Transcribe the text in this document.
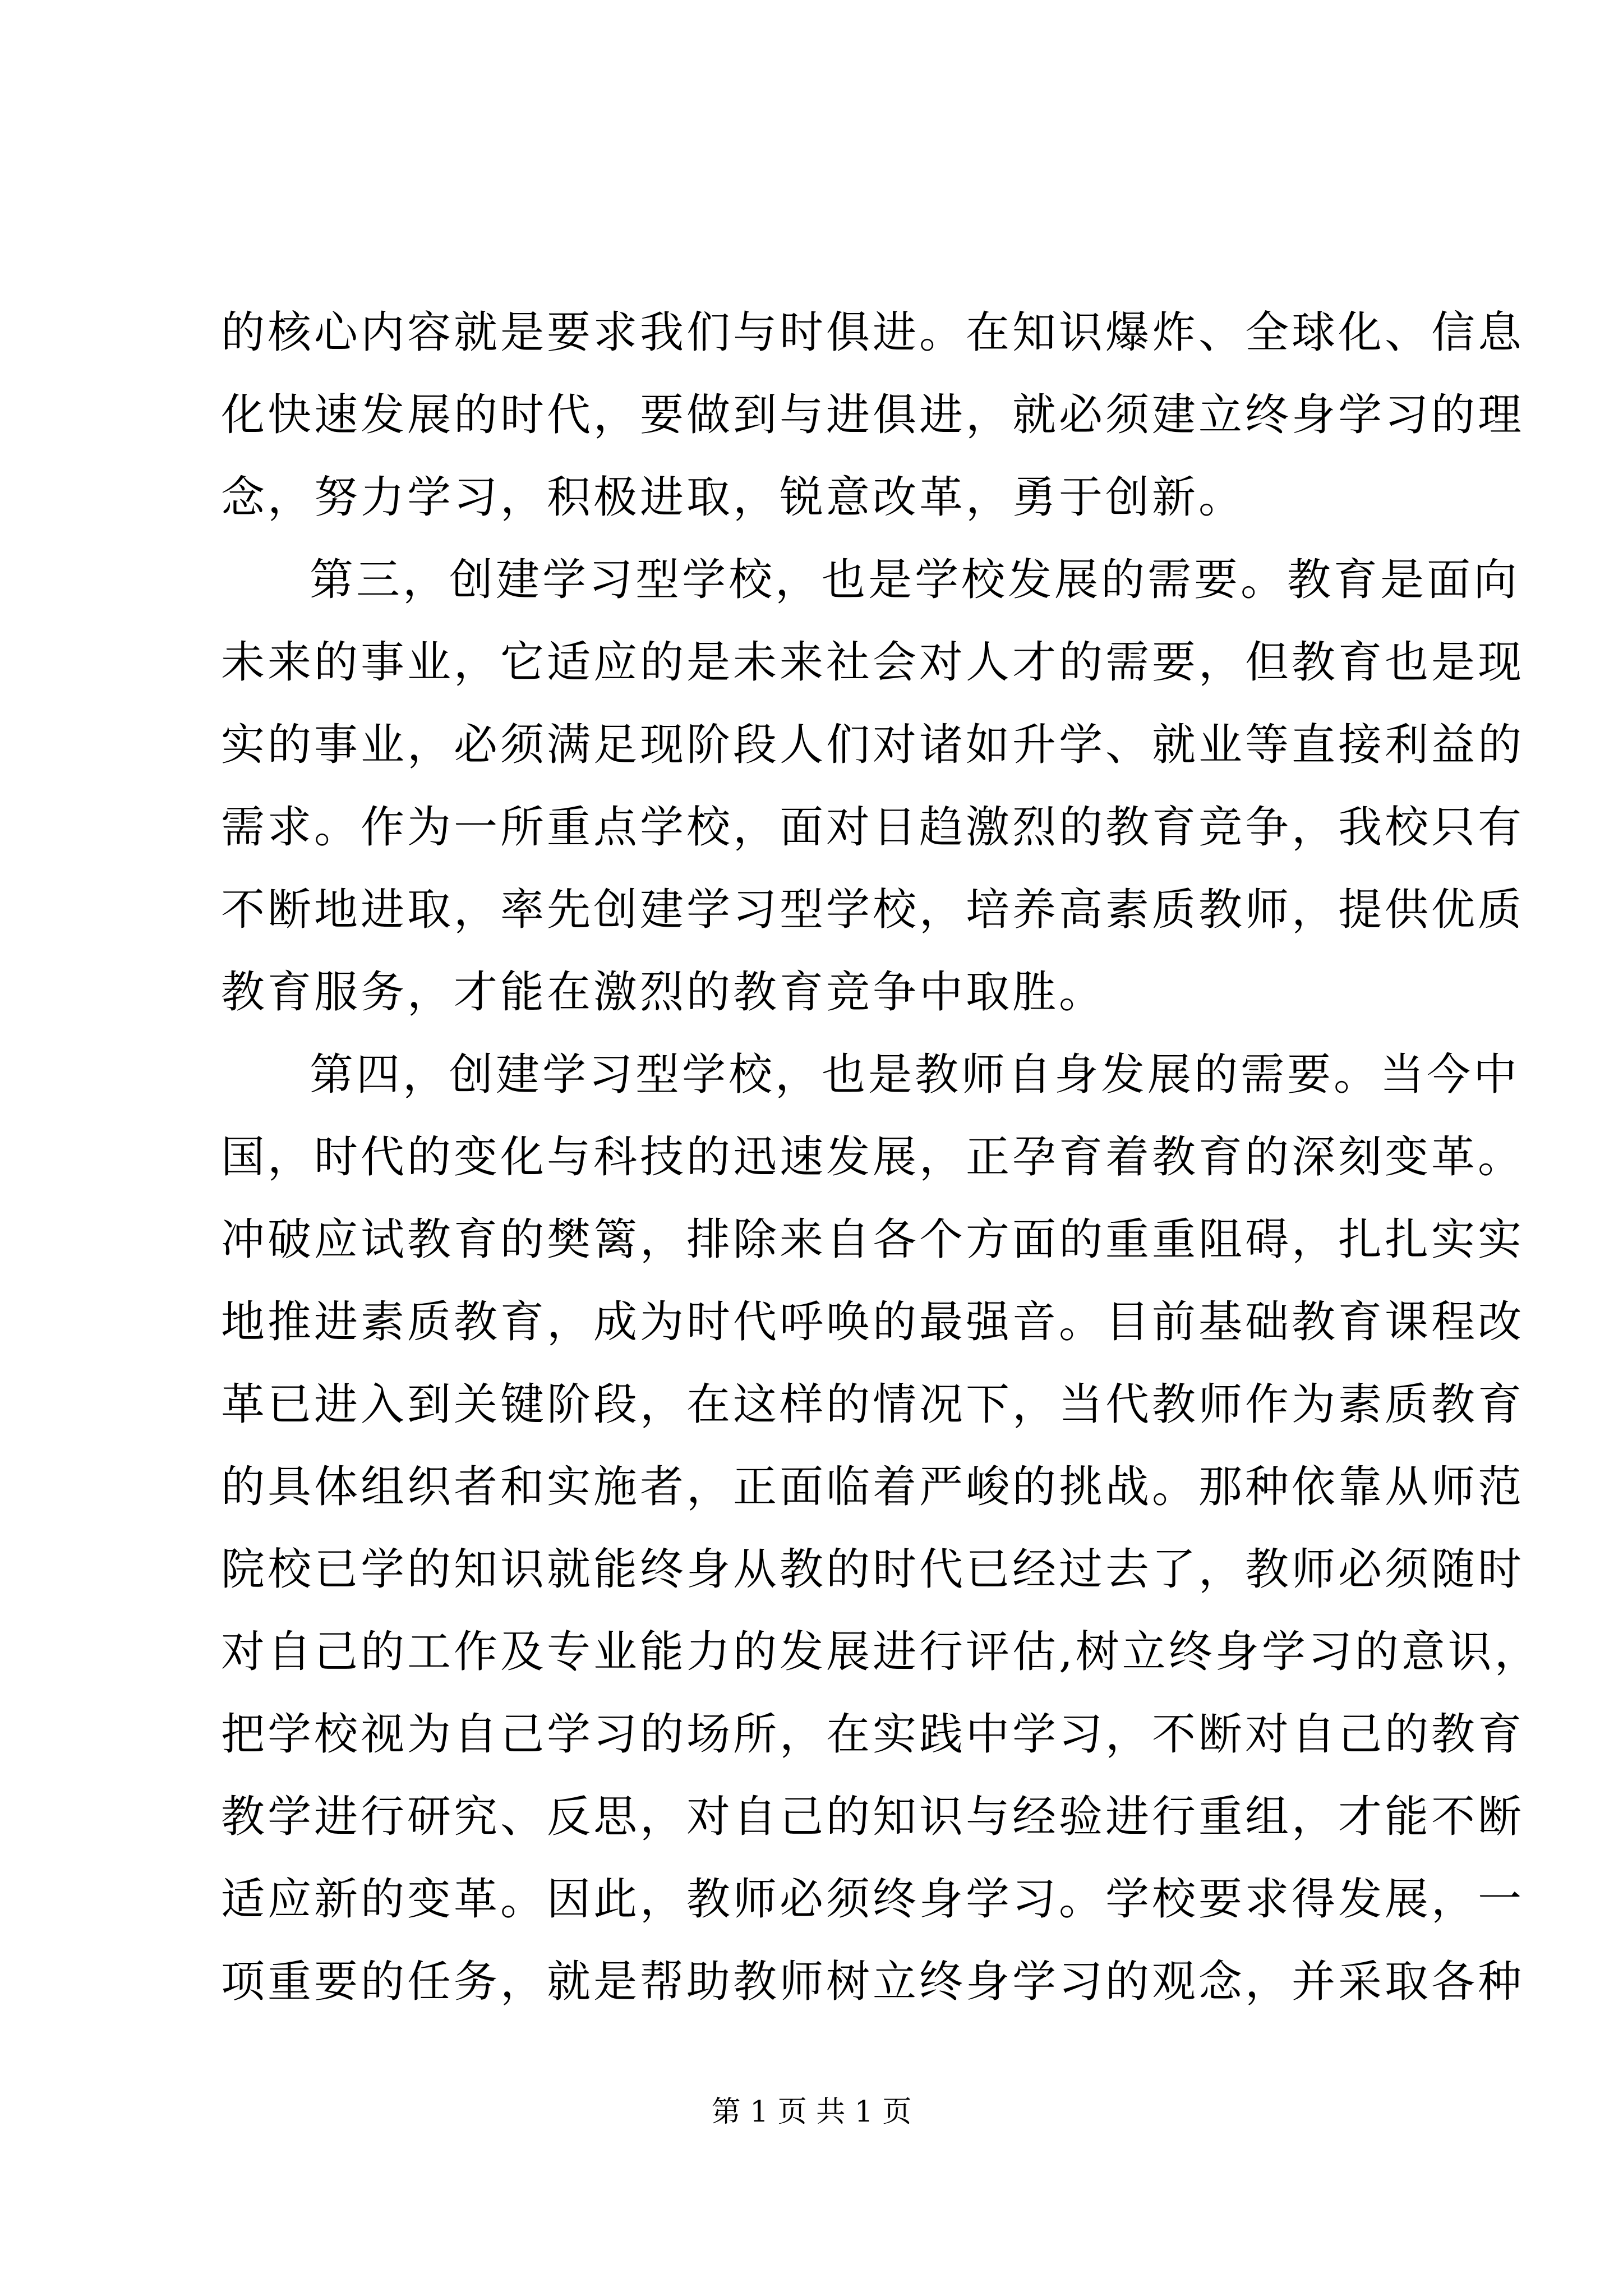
的核心内容就是要求我们与时俱进。在知识爆炸、全球化、信息
化快速发展的时代，要做到与进俱进，就必须建立终身学习的理
念，努力学习，积极进取，锐意改革，勇于创新。
第三，创建学习型学校，也是学校发展的需要。教育是面向
未来的事业，它适应的是未来社会对人才的需要，但教育也是现
实的事业，必须满足现阶段人们对诸如升学、就业等直接利益的
需求。作为一所重点学校，面对日趋激烈的教育竞争，我校只有
不断地进取，率先创建学习型学校，培养高素质教师，提供优质
教育服务，才能在激烈的教育竞争中取胜。
第四，创建学习型学校，也是教师自身发展的需要。当今中
国，时代的变化与科技的迅速发展，正孕育着教育的深刻变革。
冲破应试教育的樊篱，排除来自各个方面的重重阻碍，扎扎实实
地推进素质教育，成为时代呼唤的最强音。目前基础教育课程改
革已进入到关键阶段，在这样的情况下，当代教师作为素质教育
的具体组织者和实施者，正面临着严峻的挑战。那种依靠从师范
院校已学的知识就能终身从教的时代已经过去了，教师必须随时
对自己的工作及专业能力的发展进行评估,树立终身学习的意识，
把学校视为自己学习的场所，在实践中学习，不断对自己的教育
教学进行研究、反思，对自己的知识与经验进行重组，才能不断
适应新的变革。因此，教师必须终身学习。学校要求得发展，一
项重要的任务，就是帮助教师树立终身学习的观念，并采取各种
第 1 页 共 1 页
